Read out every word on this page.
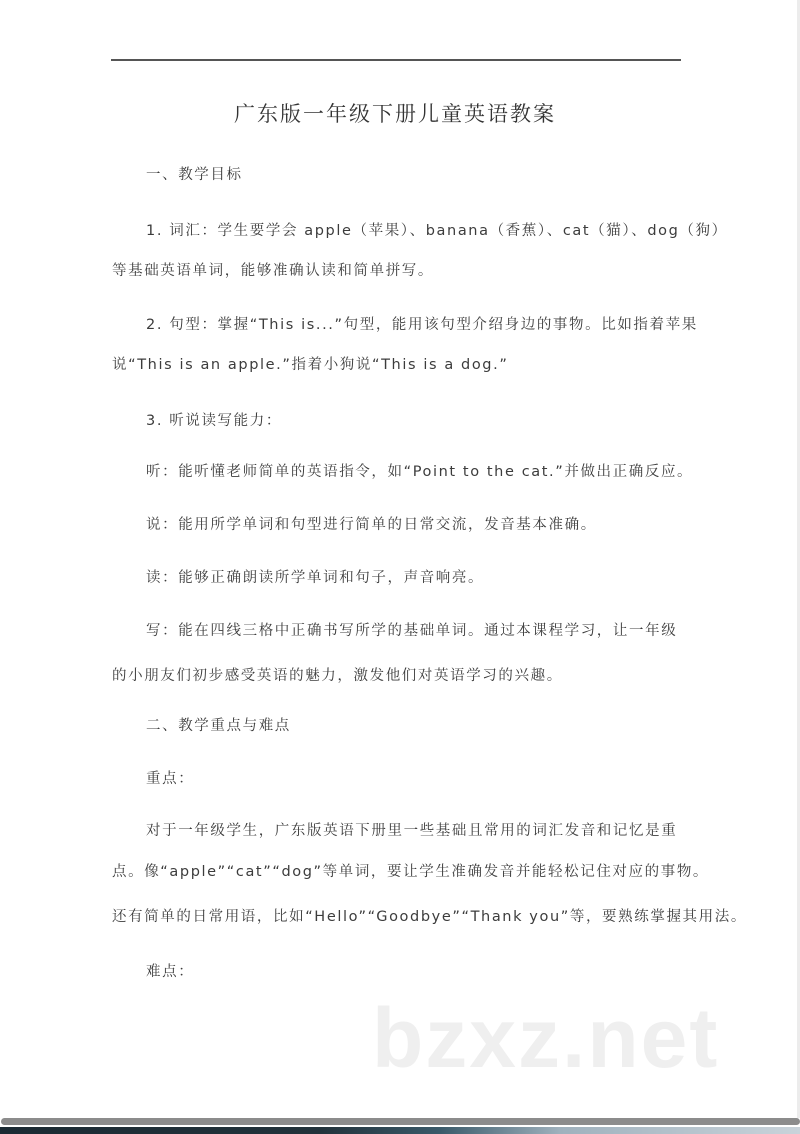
广东版一年级下册儿童英语教案
一、教学目标
1. 词汇：学生要学会 apple（苹果）、banana（香蕉）、cat（猫）、dog（狗）
等基础英语单词，能够准确认读和简单拼写。
2. 句型：掌握“This is...”句型，能用该句型介绍身边的事物。比如指着苹果
说“This is an apple.”指着小狗说“This is a dog.”
3. 听说读写能力：
听：能听懂老师简单的英语指令，如“Point to the cat.”并做出正确反应。
说：能用所学单词和句型进行简单的日常交流，发音基本准确。
读：能够正确朗读所学单词和句子，声音响亮。
写：能在四线三格中正确书写所学的基础单词。通过本课程学习，让一年级
的小朋友们初步感受英语的魅力，激发他们对英语学习的兴趣。
二、教学重点与难点
重点：
对于一年级学生，广东版英语下册里一些基础且常用的词汇发音和记忆是重
点。像“apple”“cat”“dog”等单词，要让学生准确发音并能轻松记住对应的事物。
还有简单的日常用语，比如“Hello”“Goodbye”“Thank you”等，要熟练掌握其用法。
难点：
bzxz.net
